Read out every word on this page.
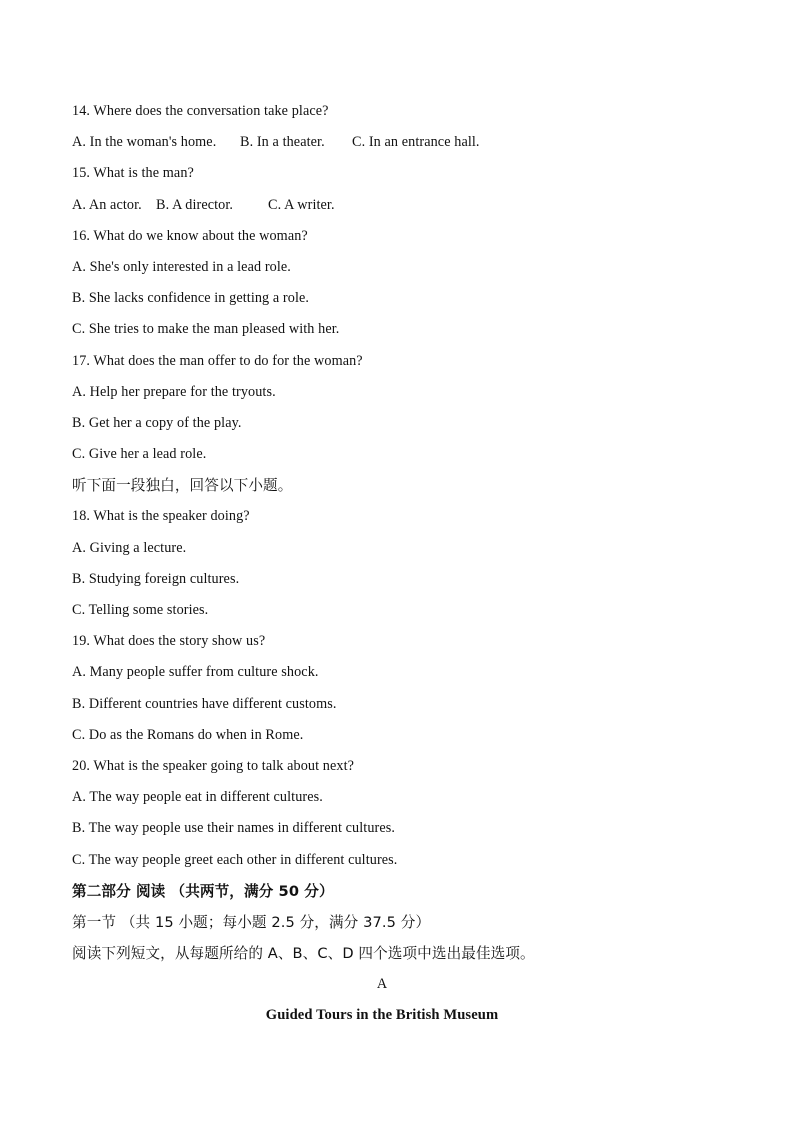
14. Where does the conversation take place?
A. In the woman's home. B. In a theater. C. In an entrance hall.
15. What is the man?
A. An actor. B. A director. C. A writer.
16. What do we know about the woman?
A. She's only interested in a lead role.
B. She lacks confidence in getting a role.
C. She tries to make the man pleased with her.
17. What does the man offer to do for the woman?
A. Help her prepare for the tryouts.
B. Get her a copy of the play.
C. Give her a lead role.
听下面一段独白，回答以下小题。
18. What is the speaker doing?
A. Giving a lecture.
B. Studying foreign cultures.
C. Telling some stories.
19. What does the story show us?
A. Many people suffer from culture shock.
B. Different countries have different customs.
C. Do as the Romans do when in Rome.
20. What is the speaker going to talk about next?
A. The way people eat in different cultures.
B. The way people use their names in different cultures.
C. The way people greet each other in different cultures.
第二部分 阅读 （共两节，满分 50 分）
第一节 （共 15 小题；每小题 2.5 分，满分 37.5 分）
阅读下列短文，从每题所给的 A、B、C、D 四个选项中选出最佳选项。
A
Guided Tours in the British Museum
